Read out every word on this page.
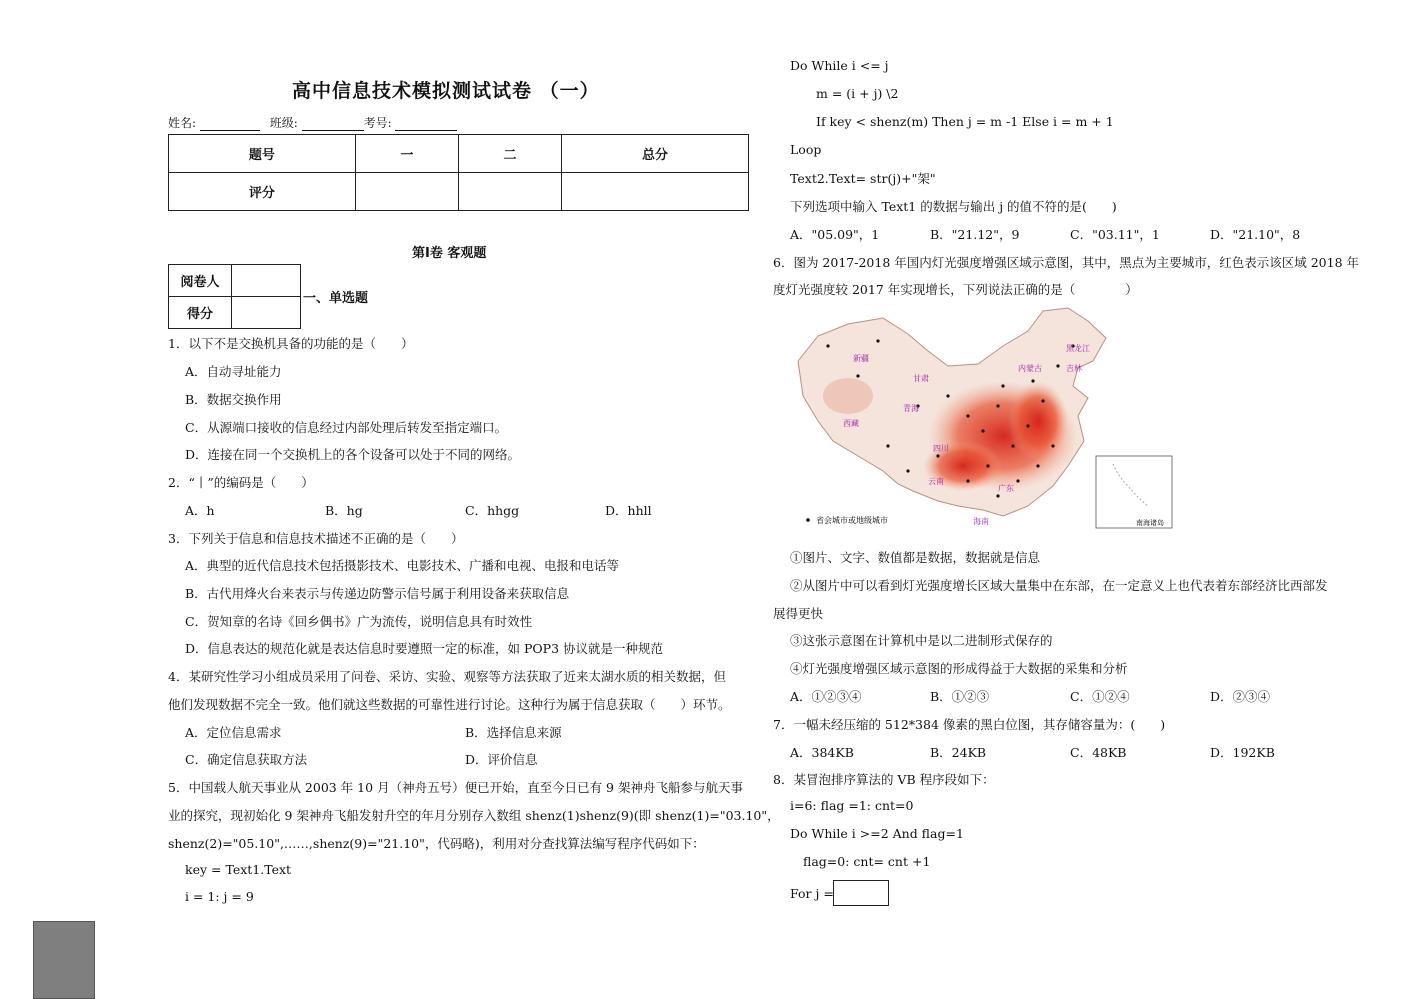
高中信息技术模拟测试试卷 （一）
姓名:	班级:	考号:
题号	一	二	总分
评分			
第Ⅰ卷 客观题
阅卷人	
得分	
一、单选题
1．以下不是交换机具备的功能的是（　　）
A．自动寻址能力
B．数据交换作用
C．从源端口接收的信息经过内部处理后转发至指定端口。
D．连接在同一个交换机上的各个设备可以处于不同的网络。
2．“丨”的编码是（　　）
A．h	B．hg	C．hhgg	D．hhll
3．下列关于信息和信息技术描述不正确的是（　　）
A．典型的近代信息技术包括摄影技术、电影技术、广播和电视、电报和电话等
B．古代用烽火台来表示与传递边防警示信号属于利用设备来获取信息
C．贺知章的名诗《回乡偶书》广为流传，说明信息具有时效性
D．信息表达的规范化就是表达信息时要遵照一定的标准，如 POP3 协议就是一种规范
4．某研究性学习小组成员采用了问卷、采访、实验、观察等方法获取了近来太湖水质的相关数据，但
他们发现数据不完全一致。他们就这些数据的可靠性进行讨论。这种行为属于信息获取（　　）环节。
A．定位信息需求	B．选择信息来源
C．确定信息获取方法	D．评价信息
5．中国载人航天事业从 2003 年 10 月（神舟五号）便已开始，直至今日已有 9 架神舟飞船参与航天事
业的探究，现初始化 9 架神舟飞船发射升空的年月分别存入数组 shenz(1)shenz(9)(即 shenz(1)="03.10"，
shenz(2)="05.10",……,shenz(9)="21.10"，代码略)，利用对分查找算法编写程序代码如下：
key = Text1.Text
i = 1: j = 9
Do While i <= j
m = (i + j) \2
If key < shenz(m) Then j = m -1 Else i = m + 1
Loop
Text2.Text= str(j)+"架"
下列选项中输入 Text1 的数据与输出 j 的值不符的是(　　)
A．"05.09"，1	B．"21.12"，9	C．"03.11"，1	D．"21.10"，8
6．图为 2017-2018 年国内灯光强度增强区域示意图，其中，黑点为主要城市，红色表示该区域 2018 年
度灯光强度较 2017 年实现增长，下列说法正确的是（　　　　）
新疆
甘肃
内蒙古
黑龙江
吉林
青海
西藏
四川
云南
广东
海南
省会城市或地级城市	南海诸岛
①图片、文字、数值都是数据，数据就是信息
②从图片中可以看到灯光强度增长区域大量集中在东部，在一定意义上也代表着东部经济比西部发
展得更快
③这张示意图在计算机中是以二进制形式保存的
④灯光强度增强区域示意图的形成得益于大数据的采集和分析
A．①②③④	B．①②③	C．①②④	D．②③④
7．一幅未经压缩的 512*384 像素的黑白位图，其存储容量为：(　　)
A．384KB	B．24KB	C．48KB	D．192KB
8．某冒泡排序算法的 VB 程序段如下：
i=6: flag =1: cnt=0
Do While i >=2 And flag=1
flag=0: cnt= cnt +1
For j =
